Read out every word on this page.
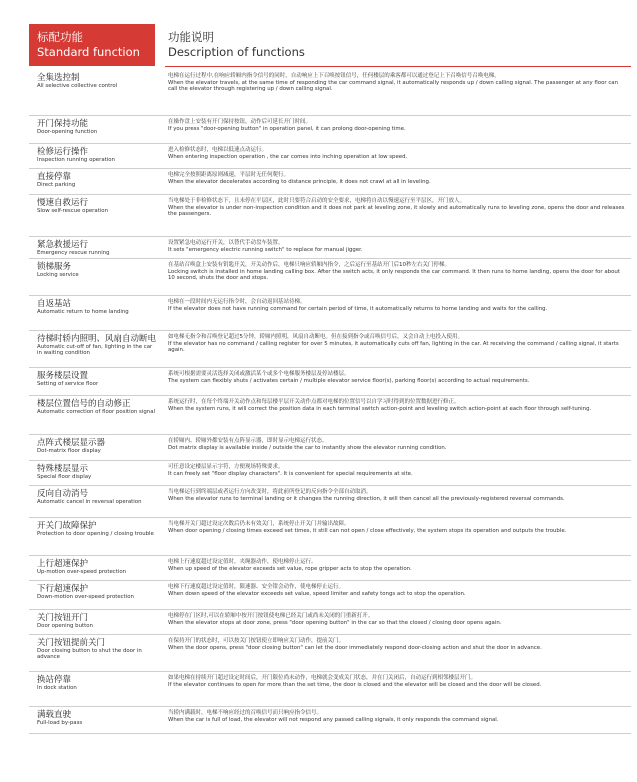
标配功能
Standard function
功能说明
Description of functions
全集选控制
All selective collective control
电梯在运行过程中,在响应轿厢内指令信号的同时，自动响应上下召唤按钮信号，任何楼层的乘客都可以通过登记上下召唤信号召唤电梯。
When the elevator travels, at the same time of responding the car command signal, it automatically responds up / down calling signal. The passenger at any floor can call the elevator through registering up / down calling signal.
开门保持功能
Door-opening function
在操作盘上安装有开门保持按钮，动作后可延长开门时间。
If you press "door-opening button" in operation panel, it can prolong door-opening time.
检修运行操作
Inspection running operation
进入检修状态时，电梯以低速点动运行。
When entering inspection operation , the car comes into inching operation at low speed.
直接停靠
Direct parking
电梯完全按照距离原则减速，平层时无任何爬行。
When the elevator decelerates according to distance principle, it does not crawl at all in leveling.
慢速自救运行
Slow self-rescue operation
当电梯处于非检修状态下，且未停在平层区，此时只要符合启动的安全要求，电梯将自动以慢速运行至平层区，开门放人。
When the elevator is under non-inspection condition and it does not park at leveling zone, it slowly and automatically runs to leveling zone, opens the door and releases the passengers.
紧急救援运行
Emergency rescue running
设置紧急电动运行开关，以替代手动盘车装置。
It sets "emergency electric running switch" to replace for manual jigger.
锁梯服务
Locking service
在基站召唤盒上安装有钥匙开关，开关动作后，电梯只响应轿厢内指令，之后运行至基站开门后10秒左右关门停梯。
Locking switch is installed in home landing calling box. After the switch acts, it only responds the car command. It then runs to home landing, opens the door for about 10 second, shuts the door and stops.
自返基站
Automatic return to home landing
电梯在一段时间内无运行指令时，会自动返回基站待梯。
If the elevator does not have running command for certain period of time, it automatically returns to home landing and waits for the calling.
待梯时轿内照明、风扇自动断电
Automatic cut-off of fan, lighting in the car in waiting condition
如电梯无指令和召唤登记超过5分钟，轿厢内照明，风扇自动断电。但在接到指令或召唤信号后，又会自动上电投入使用。
If the elevator has no command / calling register for over 5 minutes, it automatically cuts off fan, lighting in the car. At receiving the command / calling signal, it starts again.
服务楼层设置
Setting of service floor
系统可根据需要灵活选择关闭或激活某个或多个电梯服务楼层及停站楼层。
The system can flexibly shuts / activates certain / multiple elevator service floor(s), parking floor(s) according to actual requirements.
楼层位置信号的自动修正
Automatic correction of floor position signal
系统运行时，在每个终端开关动作点和每层楼平层开关动作点都对电梯的位置信号以自学习时得到的位置数据进行修正。
When the system runs, it will correct the position data in each terminal switch action-point and leveling switch action-point at each floor through self-tuning.
点阵式楼层显示器
Dot-matrix floor display
在轿厢内、轿厢外都安装有点阵显示器，即时显示电梯运行状态。
Dot matrix display is available inside / outside the car to instantly show the elevator running condition.
特殊楼层显示
Special floor display
可任意设定楼层显示字符，方便现场特殊要求。
It can freely set "floor display characters". It is convenient for special requirements at site.
反向自动消号
Automatic cancel in reversal operation
当电梯运行到终端层或者运行方向改变时，将此前所登记的反向指令全部自动取消。
When the elevator runs to terminal landing or it changes the running direction, it will then cancel all the previously-registered reversal commands.
开关门故障保护
Protection to door opening / closing trouble
当电梯开关门超过设定次数后仍未有效关门，系统停止开关门并输出故障。
When door opening / closing times exceed set times, it still can not open / close effectively, the system stops its operation and outputs the trouble.
上行超速保护
Up-motion over-speed protection
电梯上行速度超过设定值时，夹绳器动作，使电梯停止运行。
When up speed of the elevator exceeds set value, rope gripper acts to stop the operation.
下行超速保护
Down-motion over-speed protection
电梯下行速度超过设定值时，限速器、安全钳会动作，使电梯停止运行。
When down speed of the elevator exceeds set value, speed limiter and safety tongs act to stop the operation.
关门按钮开门
Door opening button
电梯停在门区时,可以在轿厢中按开门按钮使电梯已经关门或尚未关闭的门重新打开。
When the elevator stops at door zone, press "door opening button" in the car so that the closed / closing door opens again.
关门按钮提前关门
Door closing button to shut the door in advance
在保持开门的状态时，可以按关门按钮使立即响应关门动作，提前关门。
When the door opens, press "door closing button" can let the door immediately respond door-closing action and shut the door in advance.
换站停靠
In dock station
如果电梯在持续开门超过设定时间后，开门限位尚未动作，电梯就会变成关门状态，并在门关闭后，自动运行到相邻楼层开门。
If the elevator continues to open for more than the set time, the door is closed and the elevator will be closed and the door will be closed.
满载直驶
Full-load by-pass
当轿内满载时，电梯不响应经过的召唤信号而只响应指令信号。
When the car is full of load, the elevator will not respond any passed calling signals, it only responds the command signal.
